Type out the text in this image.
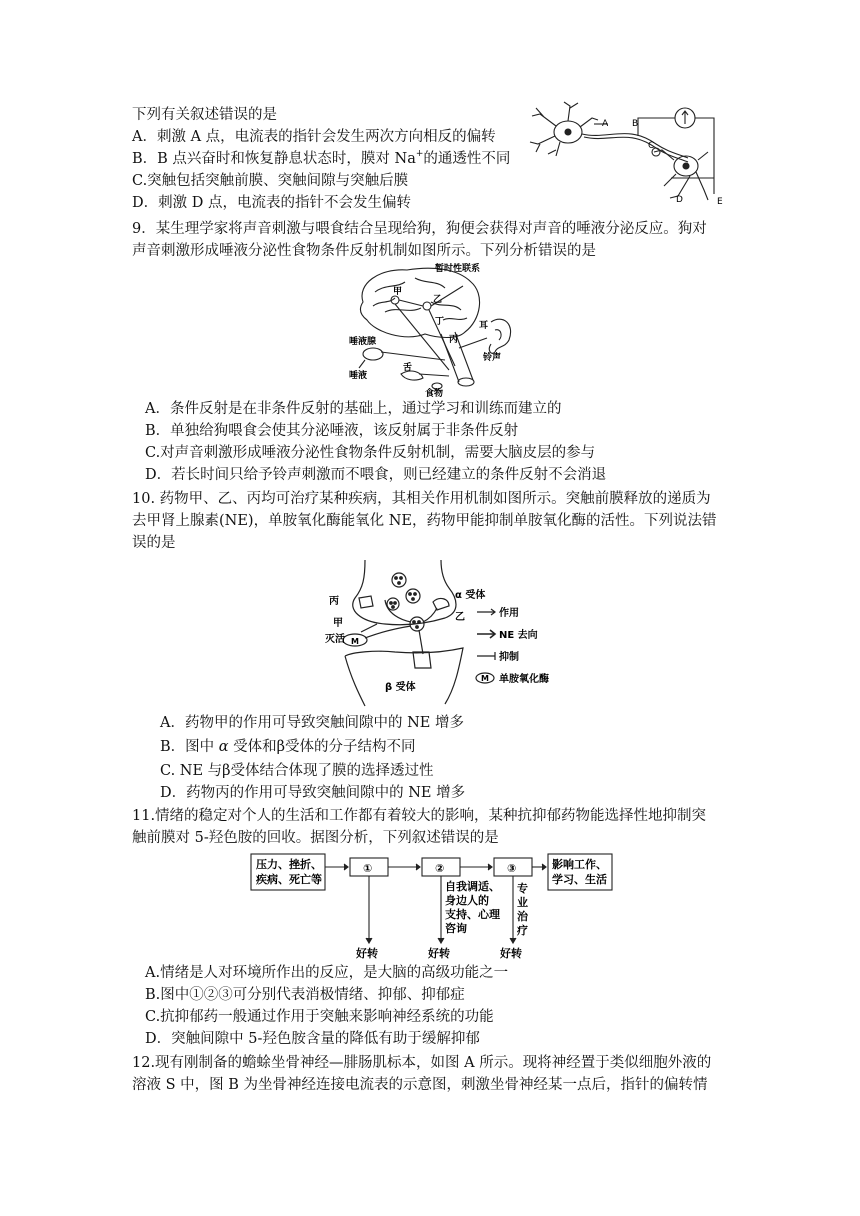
下列有关叙述错误的是
A．刺激 A 点，电流表的指针会发生两次方向相反的偏转
B．B 点兴奋时和恢复静息状态时，膜对 Na+的通透性不同
C.突触包括突触前膜、突触间隙与突触后膜
D．刺激 D 点，电流表的指针不会发生偏转
A	B
C
D	E
9．某生理学家将声音刺激与喂食结合呈现给狗，狗便会获得对声音的唾液分泌反应。狗对
声音刺激形成唾液分泌性食物条件反射机制如图所示。下列分析错误的是
暂时性联系
甲
乙
丙
丁
唾液腺
唾液
舌
食物
耳
铃声
A．条件反射是在非条件反射的基础上，通过学习和训练而建立的
B．单独给狗喂食会使其分泌唾液，该反射属于非条件反射
C.对声音刺激形成唾液分泌性食物条件反射机制，需要大脑皮层的参与
D．若长时间只给予铃声刺激而不喂食，则已经建立的条件反射不会消退
10. 药物甲、乙、丙均可治疗某种疾病，其相关作用机制如图所示。突触前膜释放的递质为
去甲肾上腺素(NE)，单胺氧化酶能氧化 NE，药物甲能抑制单胺氧化酶的活性。下列说法错
误的是
丙
甲
灭活
α 受体
乙
β 受体
M
M
作用
NE 去向
抑制
单胺氧化酶
A．药物甲的作用可导致突触间隙中的 NE 增多
B．图中 α 受体和β受体的分子结构不同
C. NE 与β受体结合体现了膜的选择透过性
D．药物丙的作用可导致突触间隙中的 NE 增多
11.情绪的稳定对个人的生活和工作都有着较大的影响，某种抗抑郁药物能选择性地抑制突
触前膜对 5-羟色胺的回收。据图分析，下列叙述错误的是
压力、挫折、
疾病、死亡等
①	②	③	影响工作、
学习、生活
自我调适、
身边人的
支持、心理
咨询
专
业
治
疗
好转	好转	好转
A.情绪是人对环境所作出的反应，是大脑的高级功能之一
B.图中①②③可分别代表消极情绪、抑郁、抑郁症
C.抗抑郁药一般通过作用于突触来影响神经系统的功能
D．突触间隙中 5-羟色胺含量的降低有助于缓解抑郁
12.现有刚制备的蟾蜍坐骨神经—腓肠肌标本，如图 A 所示。现将神经置于类似细胞外液的
溶液 S 中，图 B 为坐骨神经连接电流表的示意图，刺激坐骨神经某一点后，指针的偏转情
